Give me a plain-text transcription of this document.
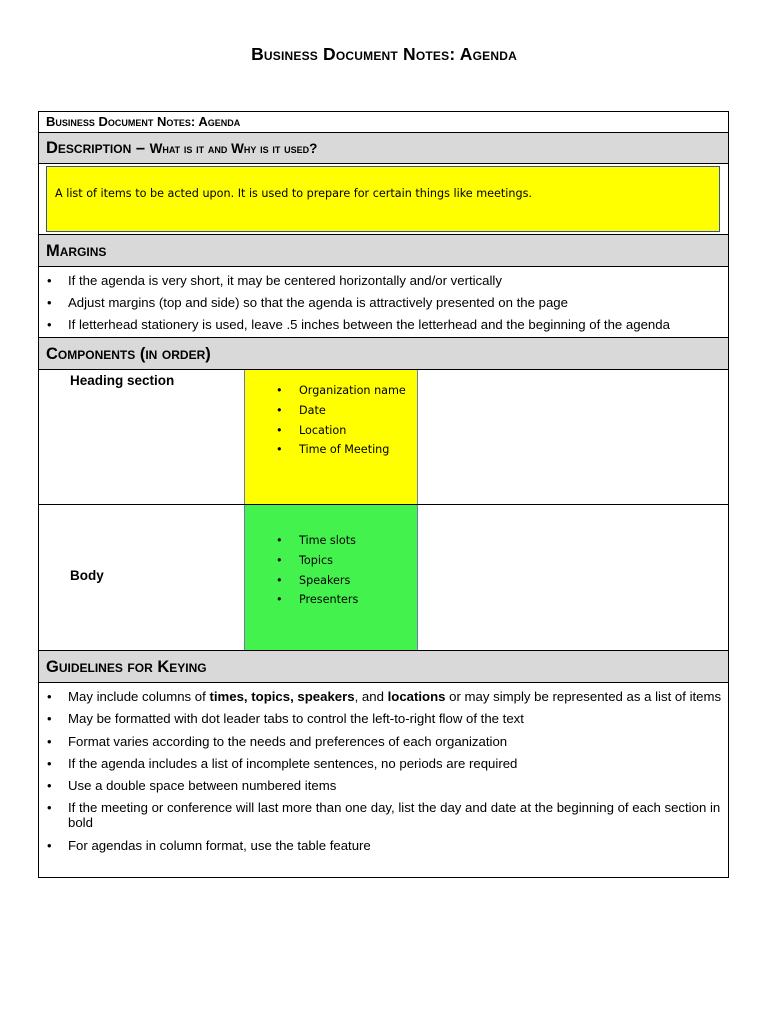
Business Document Notes: Agenda
Business Document Notes: Agenda
Description – What is it and Why is it used?
A list of items to be acted upon. It is used to prepare for certain things like meetings.
Margins
• If the agenda is very short, it may be centered horizontally and/or vertically
• Adjust margins (top and side) so that the agenda is attractively presented on the page
• If letterhead stationery is used, leave .5 inches between the letterhead and the beginning of the agenda
Components (in order)
Heading section
• Organization name
• Date
• Location
• Time of Meeting
Body
• Time slots
• Topics
• Speakers
• Presenters
Guidelines for Keying
• May include columns of times, topics, speakers, and locations or may simply be represented as a list of items
• May be formatted with dot leader tabs to control the left-to-right flow of the text
• Format varies according to the needs and preferences of each organization
• If the agenda includes a list of incomplete sentences, no periods are required
• Use a double space between numbered items
• If the meeting or conference will last more than one day, list the day and date at the beginning of each section in bold
• For agendas in column format, use the table feature
